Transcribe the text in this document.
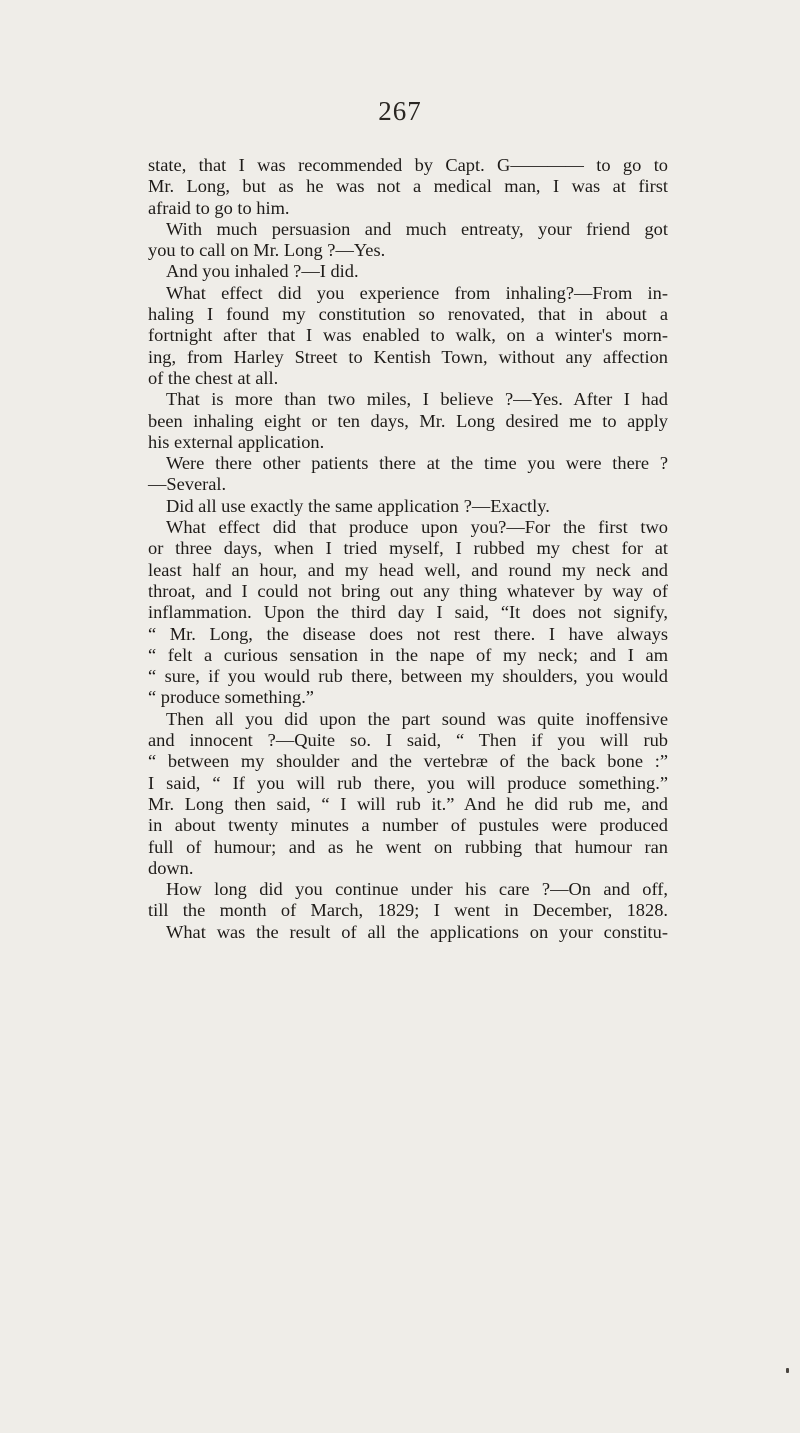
267
state, that I was recommended by Capt. G———— to go to
Mr. Long, but as he was not a medical man, I was at first
afraid to go to him.
With much persuasion and much entreaty, your friend got
you to call on Mr. Long ?—Yes.
And you inhaled ?—I did.
What effect did you experience from inhaling?—From in-
haling I found my constitution so renovated, that in about a
fortnight after that I was enabled to walk, on a winter's morn-
ing, from Harley Street to Kentish Town, without any affection
of the chest at all.
That is more than two miles, I believe ?—Yes. After I had
been inhaling eight or ten days, Mr. Long desired me to apply
his external application.
Were there other patients there at the time you were there ?
—Several.
Did all use exactly the same application ?—Exactly.
What effect did that produce upon you?—For the first two
or three days, when I tried myself, I rubbed my chest for at
least half an hour, and my head well, and round my neck and
throat, and I could not bring out any thing whatever by way of
inflammation. Upon the third day I said, “It does not signify,
“ Mr. Long, the disease does not rest there. I have always
“ felt a curious sensation in the nape of my neck; and I am
“ sure, if you would rub there, between my shoulders, you would
“ produce something.”
Then all you did upon the part sound was quite inoffensive
and innocent ?—Quite so. I said, “ Then if you will rub
“ between my shoulder and the vertebræ of the back bone :”
I said, “ If you will rub there, you will produce something.”
Mr. Long then said, “ I will rub it.” And he did rub me, and
in about twenty minutes a number of pustules were produced
full of humour; and as he went on rubbing that humour ran
down.
How long did you continue under his care ?—On and off,
till the month of March, 1829; I went in December, 1828.
What was the result of all the applications on your constitu-
